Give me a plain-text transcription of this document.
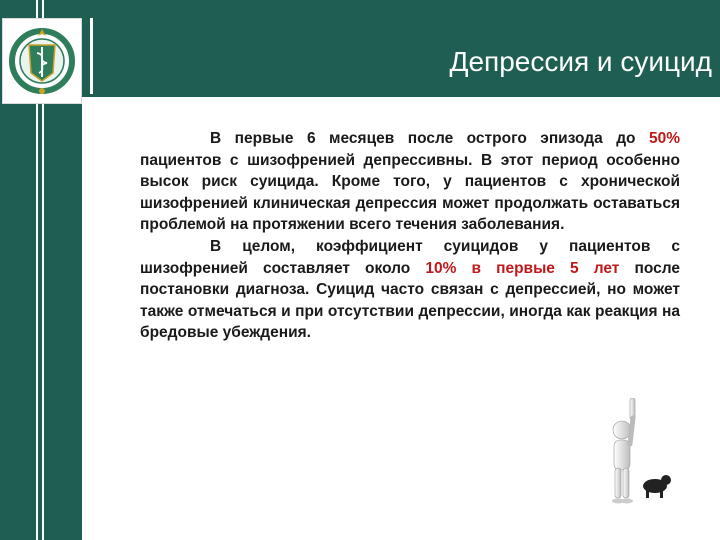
Депрессия и суицид

В первые 6 месяцев после острого эпизода до 50% пациентов с шизофренией депрессивны. В этот период особенно высок риск суицида. Кроме того, у пациентов с хронической шизофренией клиническая депрессия может продолжать оставаться проблемой на протяжении всего течения заболевания.

В целом, коэффициент суицидов у пациентов с шизофренией составляет около 10% в первые 5 лет после постановки диагноза. Суицид часто связан с депрессией, но может также отмечаться и при отсутствии депрессии, иногда как реакция на бредовые убеждения.
